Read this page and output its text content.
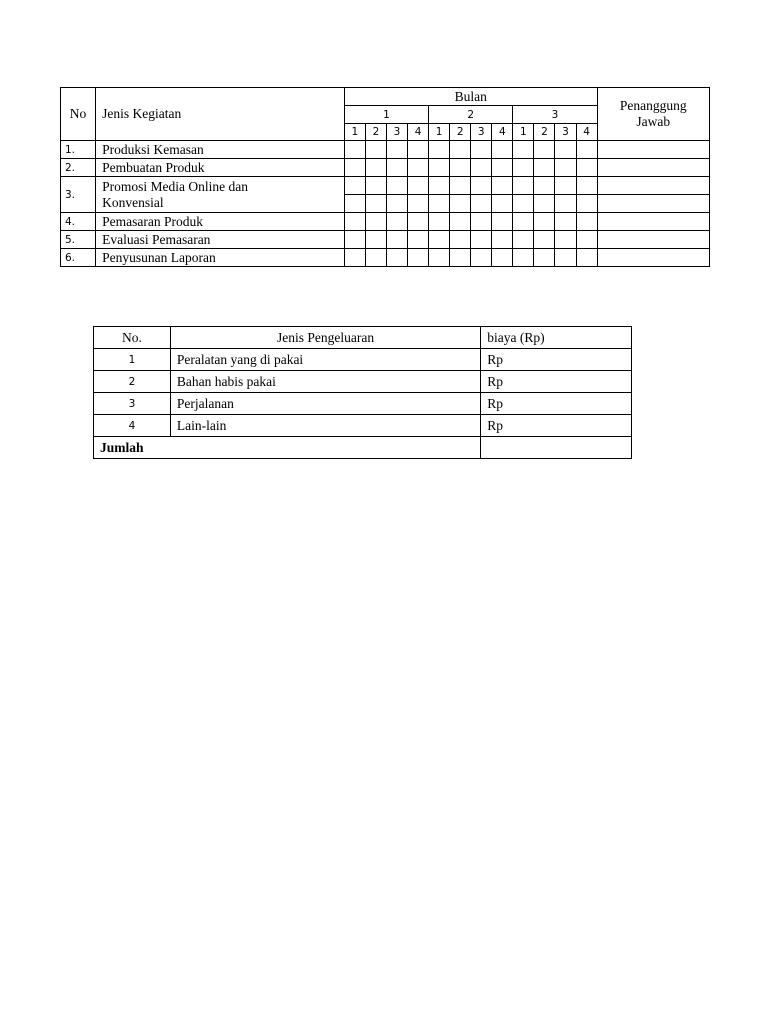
No	Jenis Kegiatan	Bulan												Penanggung
Jawab
		1				2				3				
		1	2	3	4	1	2	3	4	1	2	3	4	
1.	Produksi Kemasan													
2.	Pembuatan Produk													
3.	Promosi Media Online dan
Konvensial													

4.	Pemasaran Produk													
5.	Evaluasi Pemasaran													
6.	Penyusunan Laporan													
No.	Jenis Pengeluaran	biaya (Rp)
1	Peralatan yang di pakai	Rp
2	Bahan habis pakai	Rp
3	Perjalanan	Rp
4	Lain-lain	Rp
Jumlah		
